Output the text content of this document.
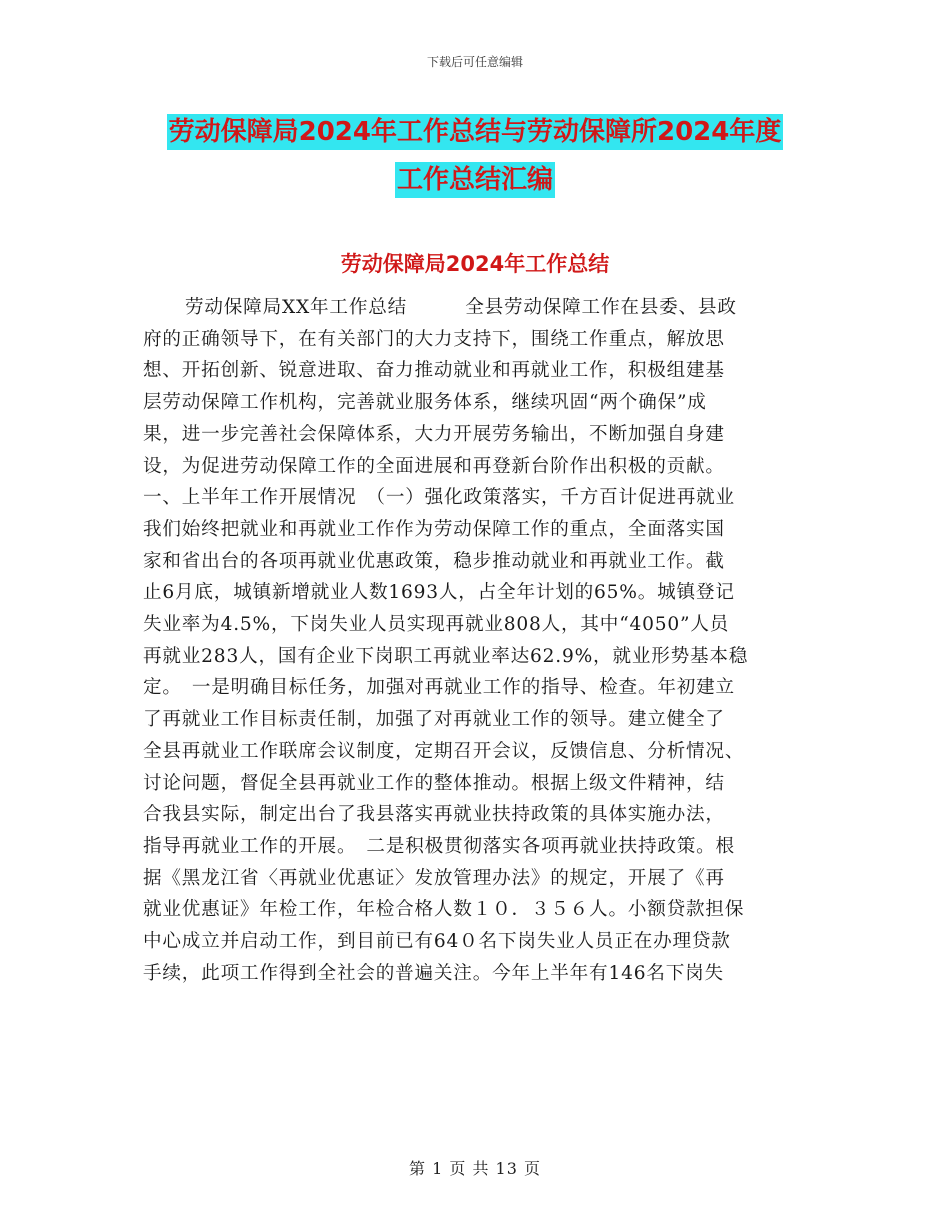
下载后可任意编辑
劳动保障局2024年工作总结与劳动保障所2024年度
工作总结汇编
劳动保障局2024年工作总结
劳动保障局XX年工作总结　　　全县劳动保障工作在县委、县政
府的正确领导下，在有关部门的大力支持下，围绕工作重点，解放思
想、开拓创新、锐意进取、奋力推动就业和再就业工作，积极组建基
层劳动保障工作机构，完善就业服务体系，继续巩固“两个确保”成
果，进一步完善社会保障体系，大力开展劳务输出，不断加强自身建
设，为促进劳动保障工作的全面进展和再登新台阶作出积极的贡献。
一、上半年工作开展情况　（一）强化政策落实，千方百计促进再就业
我们始终把就业和再就业工作作为劳动保障工作的重点，全面落实国
家和省出台的各项再就业优惠政策，稳步推动就业和再就业工作。截
止6月底，城镇新增就业人数1693人，占全年计划的65%。城镇登记
失业率为4.5%，下岗失业人员实现再就业808人，其中“4050”人员
再就业283人，国有企业下岗职工再就业率达62.9%，就业形势基本稳
定。　一是明确目标任务，加强对再就业工作的指导、检查。年初建立
了再就业工作目标责任制，加强了对再就业工作的领导。建立健全了
全县再就业工作联席会议制度，定期召开会议，反馈信息、分析情况、
讨论问题，督促全县再就业工作的整体推动。根据上级文件精神，结
合我县实际，制定出台了我县落实再就业扶持政策的具体实施办法，
指导再就业工作的开展。　二是积极贯彻落实各项再就业扶持政策。根
据《黑龙江省〈再就业优惠证〉发放管理办法》的规定，开展了《再
就业优惠证》年检工作，年检合格人数１０．３５６人。小额贷款担保
中心成立并启动工作，到目前已有64０名下岗失业人员正在办理贷款
手续，此项工作得到全社会的普遍关注。今年上半年有146名下岗失
第 1 页 共 13 页
